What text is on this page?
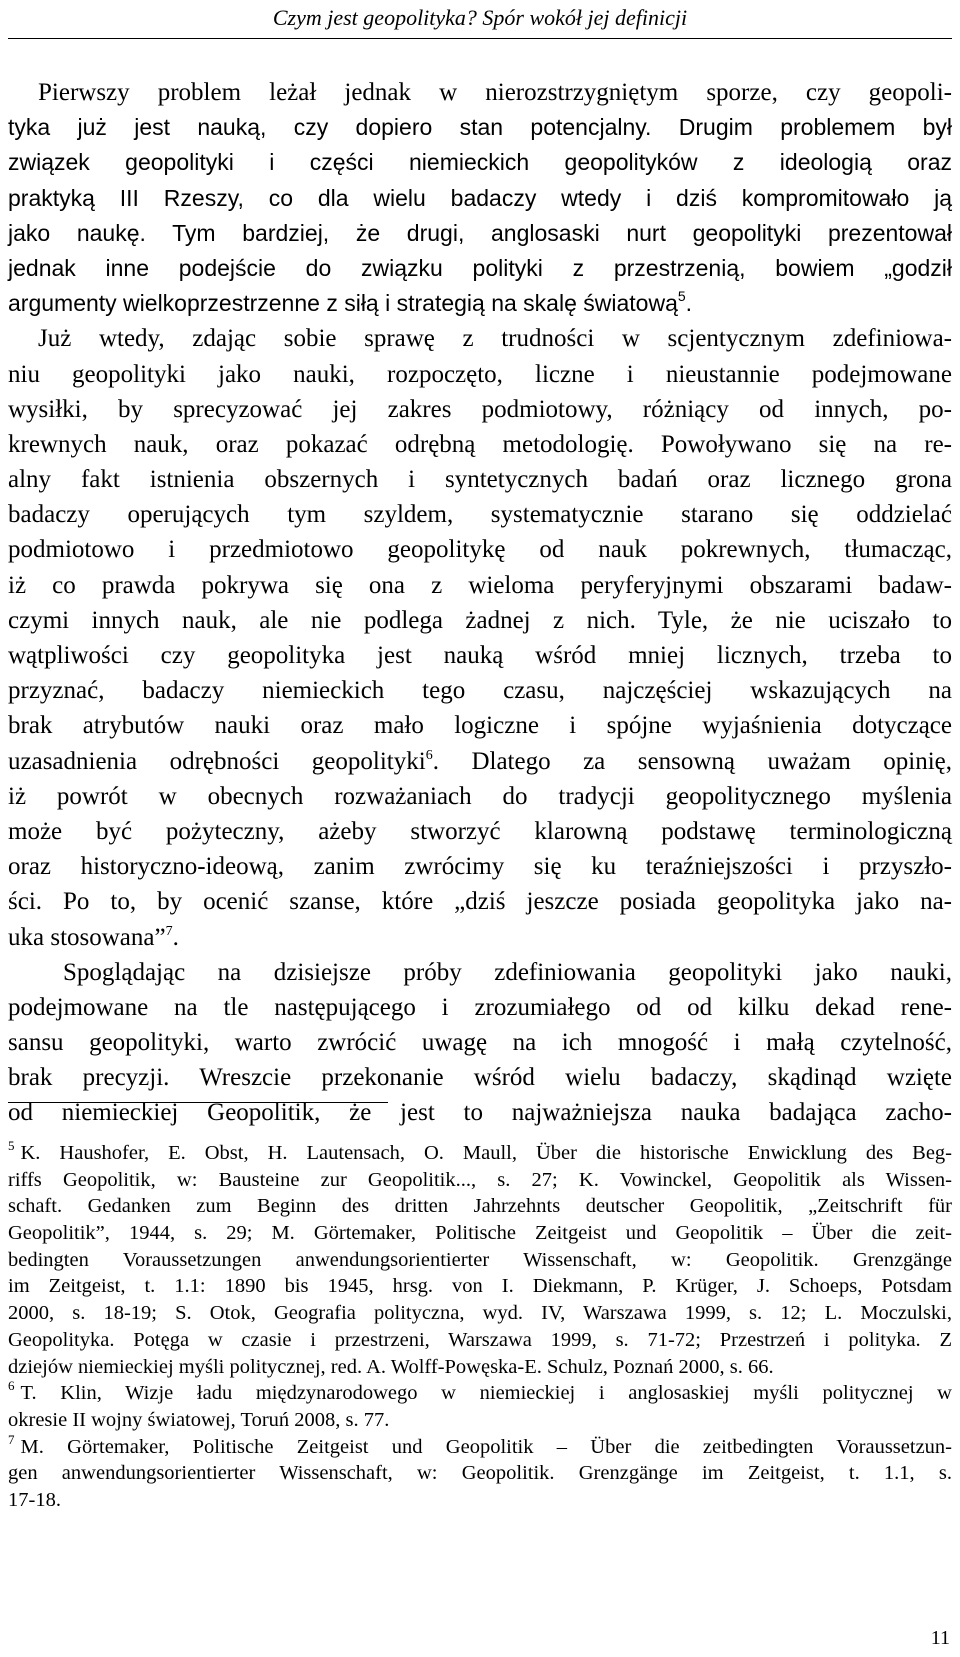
Czym jest geopolityka? Spór wokół jej definicji
Pierwszy problem leżał jednak w nierozstrzygniętym sporze, czy geopoli-
tyka już jest nauką, czy dopiero stan potencjalny. Drugim problemem był
związek geopolityki i części niemieckich geopolityków z ideologią oraz
praktyką III Rzeszy, co dla wielu badaczy wtedy i dziś kompromitowało ją
jako naukę. Tym bardziej, że drugi, anglosaski nurt geopolityki prezentował
jednak inne podejście do związku polityki z przestrzenią, bowiem „godził
argumenty wielkoprzestrzenne z siłą i strategią na skalę światową$^5$.
Już wtedy, zdając sobie sprawę z trudności w scjentycznym zdefiniowa-
niu geopolityki jako nauki, rozpoczęto, liczne i nieustannie podejmowane
wysiłki, by sprecyzować jej zakres podmiotowy, różniący od innych, po-
krewnych nauk, oraz pokazać odrębną metodologię. Powoływano się na re-
alny fakt istnienia obszernych i syntetycznych badań oraz licznego grona
badaczy operujących tym szyldem, systematycznie starano się oddzielać
podmiotowo i przedmiotowo geopolitykę od nauk pokrewnych, tłumacząc,
iż co prawda pokrywa się ona z wieloma peryferyjnymi obszarami badaw-
czymi innych nauk, ale nie podlega żadnej z nich. Tyle, że nie uciszało to
wątpliwości czy geopolityka jest nauką wśród mniej licznych, trzeba to
przyznać, badaczy niemieckich tego czasu, najczęściej wskazujących na
brak atrybutów nauki oraz mało logiczne i spójne wyjaśnienia dotyczące
uzasadnienia odrębności geopolityki$^6$. Dlatego za sensowną uważam opinię,
iż powrót w obecnych rozważaniach do tradycji geopolitycznego myślenia
może być pożyteczny, ażeby stworzyć klarowną podstawę terminologiczną
oraz historyczno-ideową, zanim zwrócimy się ku teraźniejszości i przyszło-
ści. Po to, by ocenić szanse, które „dziś jeszcze posiada geopolityka jako na-
uka stosowana”$^7$.
Spoglądając na dzisiejsze próby zdefiniowania geopolityki jako nauki,
podejmowane na tle następującego i zrozumiałego od od kilku dekad rene-
sansu geopolityki, warto zwrócić uwagę na ich mnogość i małą czytelność,
brak precyzji. Wreszcie przekonanie wśród wielu badaczy, skądinąd wzięte
od niemieckiej Geopolitik, że jest to najważniejsza nauka badająca zacho-
$^5$ K. Haushofer, E. Obst, H. Lautensach, O. Maull, Über die historische Enwicklung des Beg-
riffs Geopolitik, w: Bausteine zur Geopolitik..., s. 27; K. Vowinckel, Geopolitik als Wissen-
schaft. Gedanken zum Beginn des dritten Jahrzehnts deutscher Geopolitik, „Zeitschrift für
Geopolitik”, 1944, s. 29; M. Görtemaker, Politische Zeitgeist und Geopolitik – Über die zeit-
bedingten Voraussetzungen anwendungsorientierter Wissenschaft, w: Geopolitik. Grenzgänge
im Zeitgeist, t. 1.1: 1890 bis 1945, hrsg. von I. Diekmann, P. Krüger, J. Schoeps, Potsdam
2000, s. 18-19; S. Otok, Geografia polityczna, wyd. IV, Warszawa 1999, s. 12; L. Moczulski,
Geopolityka. Potęga w czasie i przestrzeni, Warszawa 1999, s. 71-72; Przestrzeń i polityka. Z
dziejów niemieckiej myśli politycznej, red. A. Wolff-Powęska-E. Schulz, Poznań 2000, s. 66.
$^6$ T. Klin, Wizje ładu międzynarodowego w niemieckiej i anglosaskiej myśli politycznej w
okresie II wojny światowej, Toruń 2008, s. 77.
$^7$ M. Görtemaker, Politische Zeitgeist und Geopolitik – Über die zeitbedingten Voraussetzun-
gen anwendungsorientierter Wissenschaft, w: Geopolitik. Grenzgänge im Zeitgeist, t. 1.1, s.
17-18.
11
